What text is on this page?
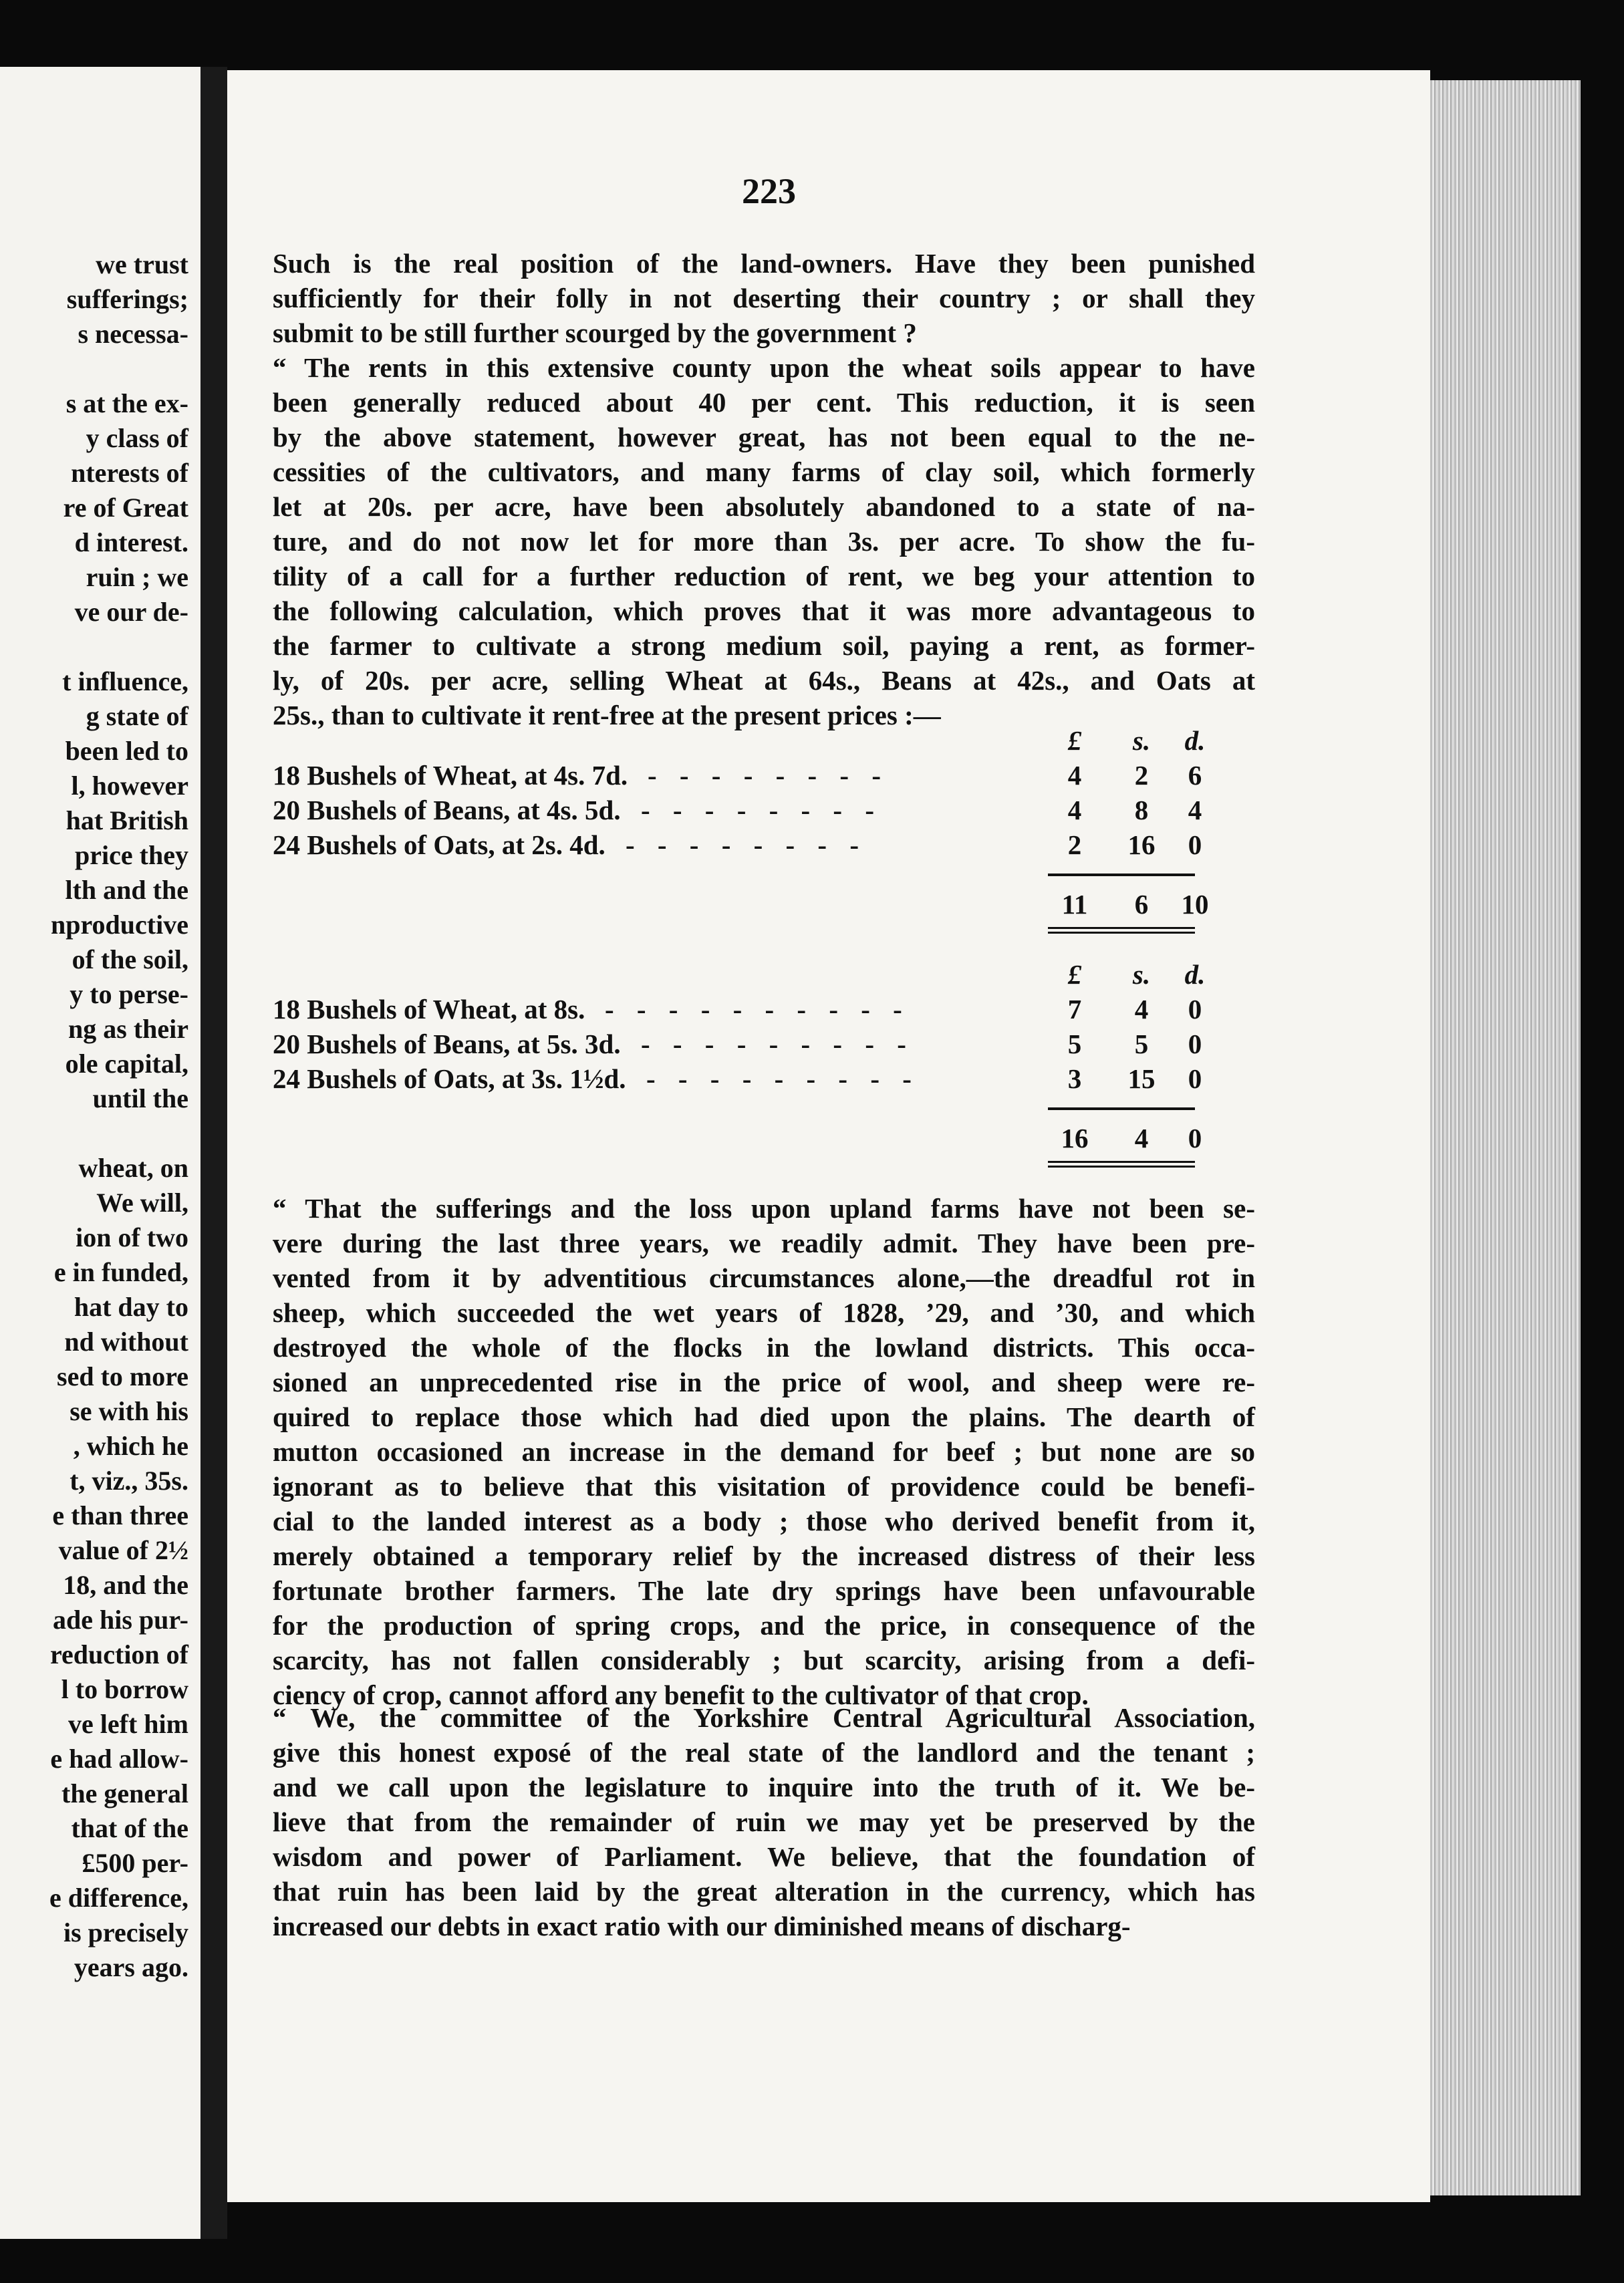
we trust
sufferings;
s necessa-
s at the ex-
y class of
nterests of
re of Great
d interest.
ruin ; we
ve our de-
t influence,
g state of
been led to
l, however
hat British
price they
lth and the
nproductive
of the soil,
y to perse-
ng as their
ole capital,
until the
wheat, on
We will,
ion of two
e in funded,
hat day to
nd without
sed to more
se with his
, which he
t, viz., 35s.
e than three
value of 2½
18, and the
ade his pur-
reduction of
l to borrow
ve left him
e had allow-
the general
that of the
£500 per-
e difference,
is precisely
years ago.
223
Such is the real position of the land-owners. Have they been punished
sufficiently for their folly in not deserting their country ; or shall they
submit to be still further scourged by the government ?
“ The rents in this extensive county upon the wheat soils appear to have
been generally reduced about 40 per cent. This reduction, it is seen
by the above statement, however great, has not been equal to the ne-
cessities of the cultivators, and many farms of clay soil, which formerly
let at 20s. per acre, have been absolutely abandoned to a state of na-
ture, and do not now let for more than 3s. per acre. To show the fu-
tility of a call for a further reduction of rent, we beg your attention to
the following calculation, which proves that it was more advantageous to
the farmer to cultivate a strong medium soil, paying a rent, as former-
ly, of 20s. per acre, selling Wheat at 64s., Beans at 42s., and Oats at
25s., than to cultivate it rent-free at the present prices :—
£	s.	d.
18 Bushels of Wheat, at 4s. 7d. - - - - - - - -	4	2	6
20 Bushels of Beans, at 4s. 5d. - - - - - - - -	4	8	4
24 Bushels of Oats, at 2s. 4d. - - - - - - - -	2	16	0
11	6	10
£	s.	d.
18 Bushels of Wheat, at 8s. - - - - - - - - - -	7	4	0
20 Bushels of Beans, at 5s. 3d. - - - - - - - - -	5	5	0
24 Bushels of Oats, at 3s. 1½d. - - - - - - - - -	3	15	0
16	4	0
“ That the sufferings and the loss upon upland farms have not been se-
vere during the last three years, we readily admit. They have been pre-
vented from it by adventitious circumstances alone,—the dreadful rot in
sheep, which succeeded the wet years of 1828, ’29, and ’30, and which
destroyed the whole of the flocks in the lowland districts. This occa-
sioned an unprecedented rise in the price of wool, and sheep were re-
quired to replace those which had died upon the plains. The dearth of
mutton occasioned an increase in the demand for beef ; but none are so
ignorant as to believe that this visitation of providence could be benefi-
cial to the landed interest as a body ; those who derived benefit from it,
merely obtained a temporary relief by the increased distress of their less
fortunate brother farmers. The late dry springs have been unfavourable
for the production of spring crops, and the price, in consequence of the
scarcity, has not fallen considerably ; but scarcity, arising from a defi-
ciency of crop, cannot afford any benefit to the cultivator of that crop.
“ We, the committee of the Yorkshire Central Agricultural Association,
give this honest exposé of the real state of the landlord and the tenant ;
and we call upon the legislature to inquire into the truth of it. We be-
lieve that from the remainder of ruin we may yet be preserved by the
wisdom and power of Parliament. We believe, that the foundation of
that ruin has been laid by the great alteration in the currency, which has
increased our debts in exact ratio with our diminished means of discharg-
